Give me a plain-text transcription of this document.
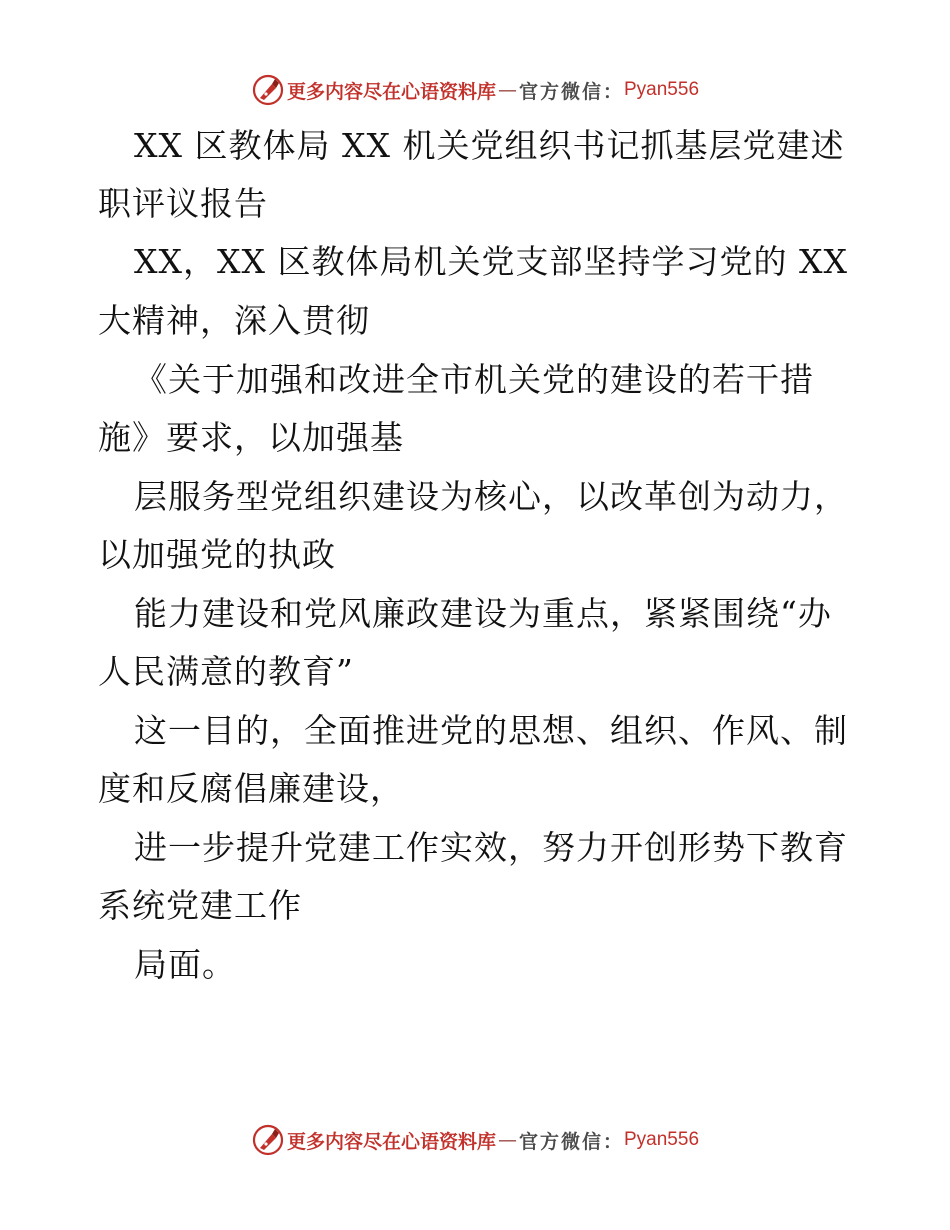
更多内容尽在心语资料库 — 官方微信： Pyan556
XX 区教体局 XX 机关党组织书记抓基层党建述
职评议报告
XX，XX 区教体局机关党支部坚持学习党的 XX
大精神，深入贯彻
《关于加强和改进全市机关党的建设的若干措
施》要求，以加强基
层服务型党组织建设为核心，以改革创为动力，
以加强党的执政
能力建设和党风廉政建设为重点，紧紧围绕“办
人民满意的教育”
这一目的，全面推进党的思想、组织、作风、制
度和反腐倡廉建设，
进一步提升党建工作实效，努力开创形势下教育
系统党建工作
局面。
更多内容尽在心语资料库 — 官方微信： Pyan556
